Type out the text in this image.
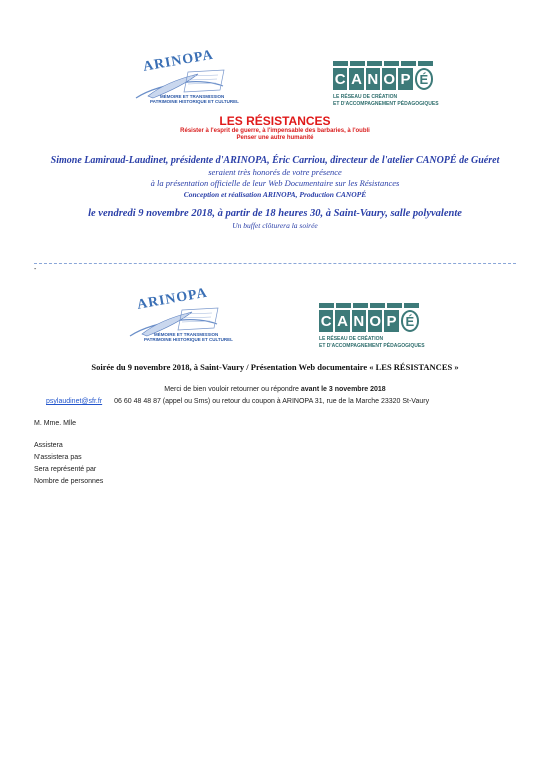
ARINOPA
MÉMOIRE ET TRANSMISSION
PATRIMOINE HISTORIQUE ET CULTUREL
C A N O P É
LE RÉSEAU DE CRÉATION
ET D'ACCOMPAGNEMENT PÉDAGOGIQUES
LES RÉSISTANCES
Résister à l'esprit de guerre, à l'impensable des barbaries, à l'oubli
Penser une autre humanité
Simone Lamiraud-Laudinet, présidente d'ARINOPA, Éric Carriou, directeur de l'atelier CANOPÉ de Guéret
seraient très honorés de votre présence
à la présentation officielle de leur Web Documentaire sur les Résistances
Conception et réalisation ARINOPA, Production CANOPÉ
le vendredi 9 novembre 2018, à partir de 18 heures 30, à Saint-Vaury, salle polyvalente
Un buffet clôturera la soirée
-
ARINOPA
MÉMOIRE ET TRANSMISSION
PATRIMOINE HISTORIQUE ET CULTUREL
C A N O P É
LE RÉSEAU DE CRÉATION
ET D'ACCOMPAGNEMENT PÉDAGOGIQUES
Soirée du 9 novembre 2018, à Saint-Vaury / Présentation Web documentaire « LES RÉSISTANCES »
Merci de bien vouloir retourner ou répondre avant le 3 novembre 2018
psylaudinet@sfr.fr 06 60 48 48 87 (appel ou Sms) ou retour du coupon à ARINOPA 31, rue de la Marche 23320 St-Vaury
M. Mme. Mlle
Assistera
N'assistera pas
Sera représenté par
Nombre de personnes
